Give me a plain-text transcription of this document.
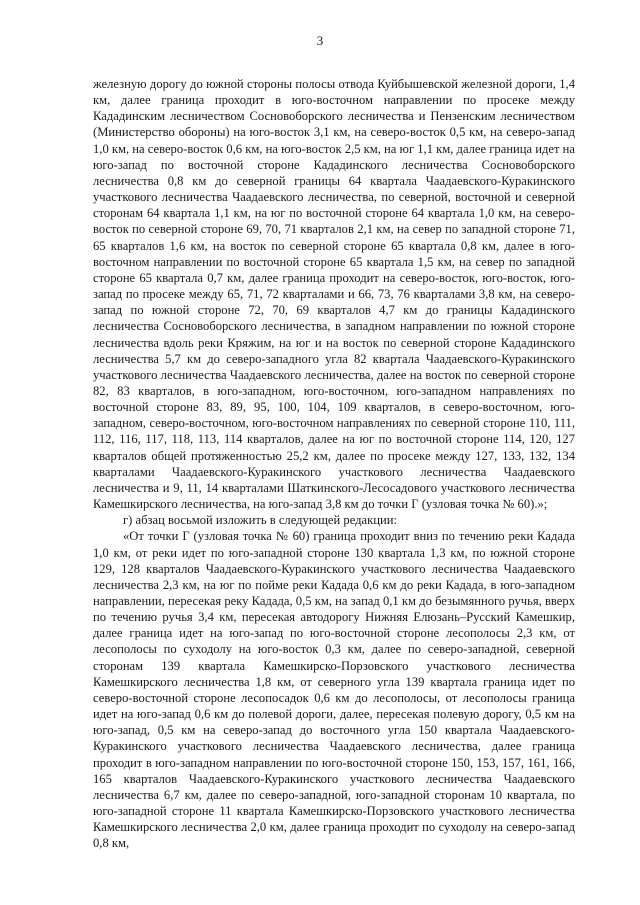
3

железную дорогу до южной стороны полосы отвода Куйбышевской железной дороги, 1,4 км, далее граница проходит в юго-восточном направлении по просеке между Кададинским лесничеством Сосновоборского лесничества и Пензенским лесничеством (Министерство обороны) на юго-восток 3,1 км, на северо-восток 0,5 км, на северо-запад 1,0 км, на северо-восток 0,6 км, на юго-восток 2,5 км, на юг 1,1 км, далее граница идет на юго-запад по восточной стороне Кададинского лесничества Сосновоборского лесничества 0,8 км до северной границы 64 квартала Чаадаевского-Куракинского участкового лесничества Чаадаевского лесничества, по северной, восточной и северной сторонам 64 квартала 1,1 км, на юг по восточной стороне 64 квартала 1,0 км, на северо-восток по северной стороне 69, 70, 71 кварталов 2,1 км, на север по западной стороне 71, 65 кварталов 1,6 км, на восток по северной стороне 65 квартала 0,8 км, далее в юго-восточном направлении по восточной стороне 65 квартала 1,5 км, на север по западной стороне 65 квартала 0,7 км, далее граница проходит на северо-восток, юго-восток, юго-запад по просеке между 65, 71, 72 кварталами и 66, 73, 76 кварталами 3,8 км, на северо-запад по южной стороне 72, 70, 69 кварталов 4,7 км до границы Кададинского лесничества Сосновоборского лесничества, в западном направлении по южной стороне лесничества вдоль реки Кряжим, на юг и на восток по северной стороне Кададинского лесничества 5,7 км до северо-западного угла 82 квартала Чаадаевского-Куракинского участкового лесничества Чаадаевского лесничества, далее на восток по северной стороне 82, 83 кварталов, в юго-западном, юго-восточном, юго-западном направлениях по восточной стороне 83, 89, 95, 100, 104, 109 кварталов, в северо-восточном, юго-западном, северо-восточном, юго-восточном направлениях по северной стороне 110, 111, 112, 116, 117, 118, 113, 114 кварталов, далее на юг по восточной стороне 114, 120, 127 кварталов общей протяженностью 25,2 км, далее по просеке между 127, 133, 132, 134 кварталами Чаадаевского-Куракинского участкового лесничества Чаадаевского лесничества и 9, 11, 14 кварталами Шаткинского-Лесосадового участкового лесничества Камешкирского лесничества, на юго-запад 3,8 км до точки Г (узловая точка № 60).»;

г) абзац восьмой изложить в следующей редакции:

«От точки Г (узловая точка № 60) граница проходит вниз по течению реки Кадада 1,0 км, от реки идет по юго-западной стороне 130 квартала 1,3 км, по южной стороне 129, 128 кварталов Чаадаевского-Куракинского участкового лесничества Чаадаевского лесничества 2,3 км, на юг по пойме реки Кадада 0,6 км до реки Кадада, в юго-западном направлении, пересекая реку Кадада, 0,5 км, на запад 0,1 км до безымянного ручья, вверх по течению ручья 3,4 км, пересекая автодорогу Нижняя Елюзань–Русский Камешкир, далее граница идет на юго-запад по юго-восточной стороне лесополосы 2,3 км, от лесополосы по суходолу на юго-восток 0,3 км, далее по северо-западной, северной сторонам 139 квартала Камешкирско-Порзовского участкового лесничества Камешкирского лесничества 1,8 км, от северного угла 139 квартала граница идет по северо-восточной стороне лесопосадок 0,6 км до лесополосы, от лесополосы граница идет на юго-запад 0,6 км до полевой дороги, далее, пересекая полевую дорогу, 0,5 км на юго-запад, 0,5 км на северо-запад до восточного угла 150 квартала Чаадаевского-Куракинского участкового лесничества Чаадаевского лесничества, далее граница проходит в юго-западном направлении по юго-восточной стороне 150, 153, 157, 161, 166, 165 кварталов Чаадаевского-Куракинского участкового лесничества Чаадаевского лесничества 6,7 км, далее по северо-западной, юго-западной сторонам 10 квартала, по юго-западной стороне 11 квартала Камешкирско-Порзовского участкового лесничества Камешкирского лесничества 2,0 км, далее граница проходит по суходолу на северо-запад 0,8 км,
